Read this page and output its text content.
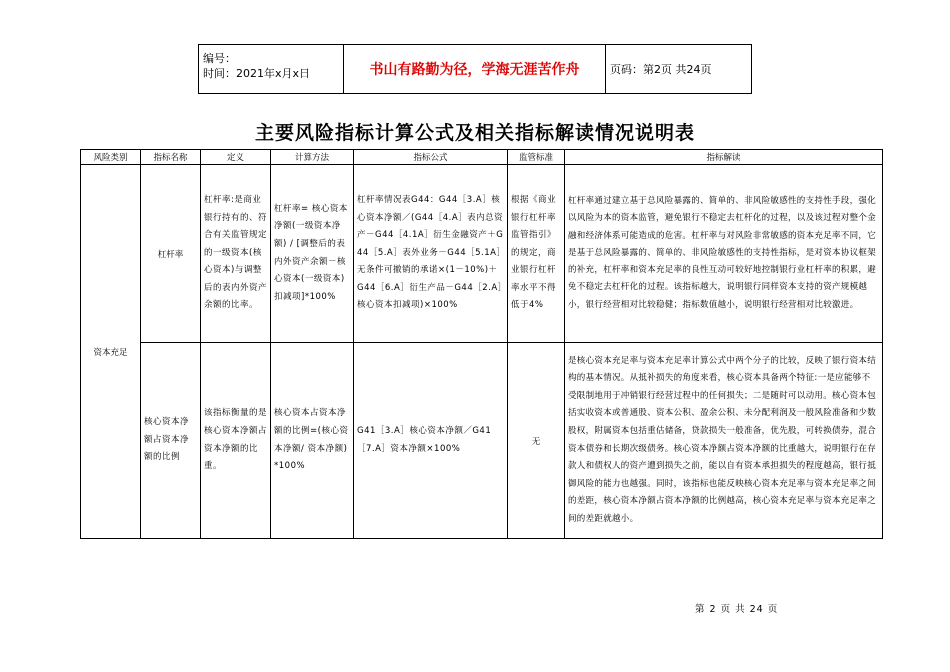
编号：
时间：2021年x月x日	书山有路勤为径，学海无涯苦作舟	页码：第2页 共24页
主要风险指标计算公式及相关指标解读情况说明表
风险类别	指标名称	定义	计算方法	指标公式	监管标准	指标解读
资本充足	杠杆率	杠杆率:是商业银行持有的、符合有关监管规定的一级资本(核心资本)与调整后的表内外资产余额的比率。	杠杆率= 核心资本净额(一级资本净额) / [调整后的表内外资产余额－核心资本(一级资本) 扣减项]*100%	杠杆率情况表G44：G44［3.A］核心资本净额／(G44［4.A］表内总资产－G44［4.1A］衍生金融资产＋G44［5.A］表外业务－G44［5.1A］无条件可撤销的承诺×(1－10%)＋G44［6.A］衍生产品－G44［2.A］核心资本扣减项)×100%	根据《商业银行杠杆率监管指引》的规定，商业银行杠杆率水平不得低于4%	杠杆率通过建立基于总风险暴露的、简单的、非风险敏感性的支持性手段，强化以风险为本的资本监管，避免银行不稳定去杠杆化的过程，以及该过程对整个金融和经济体系可能造成的危害。杠杆率与对风险非常敏感的资本充足率不同，它是基于总风险暴露的、简单的、非风险敏感性的支持性指标，是对资本协议框架的补充，杠杆率和资本充足率的良性互动可较好地控制银行业杠杆率的积累，避免不稳定去杠杆化的过程。该指标越大，说明银行同样资本支持的资产规模越小，银行经营相对比较稳健；指标数值越小，说明银行经营相对比较激进。
	核心资本净额占资本净额的比例	该指标衡量的是核心资本净额占资本净额的比重。	核心资本占资本净额的比例=(核心资本净额/ 资本净额)*100%	G41［3.A］核心资本净额／G41［7.A］资本净额×100%	无	是核心资本充足率与资本充足率计算公式中两个分子的比较，反映了银行资本结构的基本情况。从抵补损失的角度来看，核心资本具备两个特征:一是应能够不受限制地用于冲销银行经营过程中的任何损失；二是随时可以动用。核心资本包括实收资本或普通股、资本公积、盈余公积、未分配利润及一般风险准备和少数股权，附属资本包括重估储备，贷款损失一般准备，优先股，可转换债券，混合资本债券和长期次级债务。核心资本净额占资本净额的比重越大，说明银行在存款人和债权人的资产遭到损失之前，能以自有资本承担损失的程度越高，银行抵御风险的能力也越强。同时，该指标也能反映核心资本充足率与资本充足率之间的差距，核心资本净额占资本净额的比例越高，核心资本充足率与资本充足率之间的差距就越小。
第 2 页 共 24 页
